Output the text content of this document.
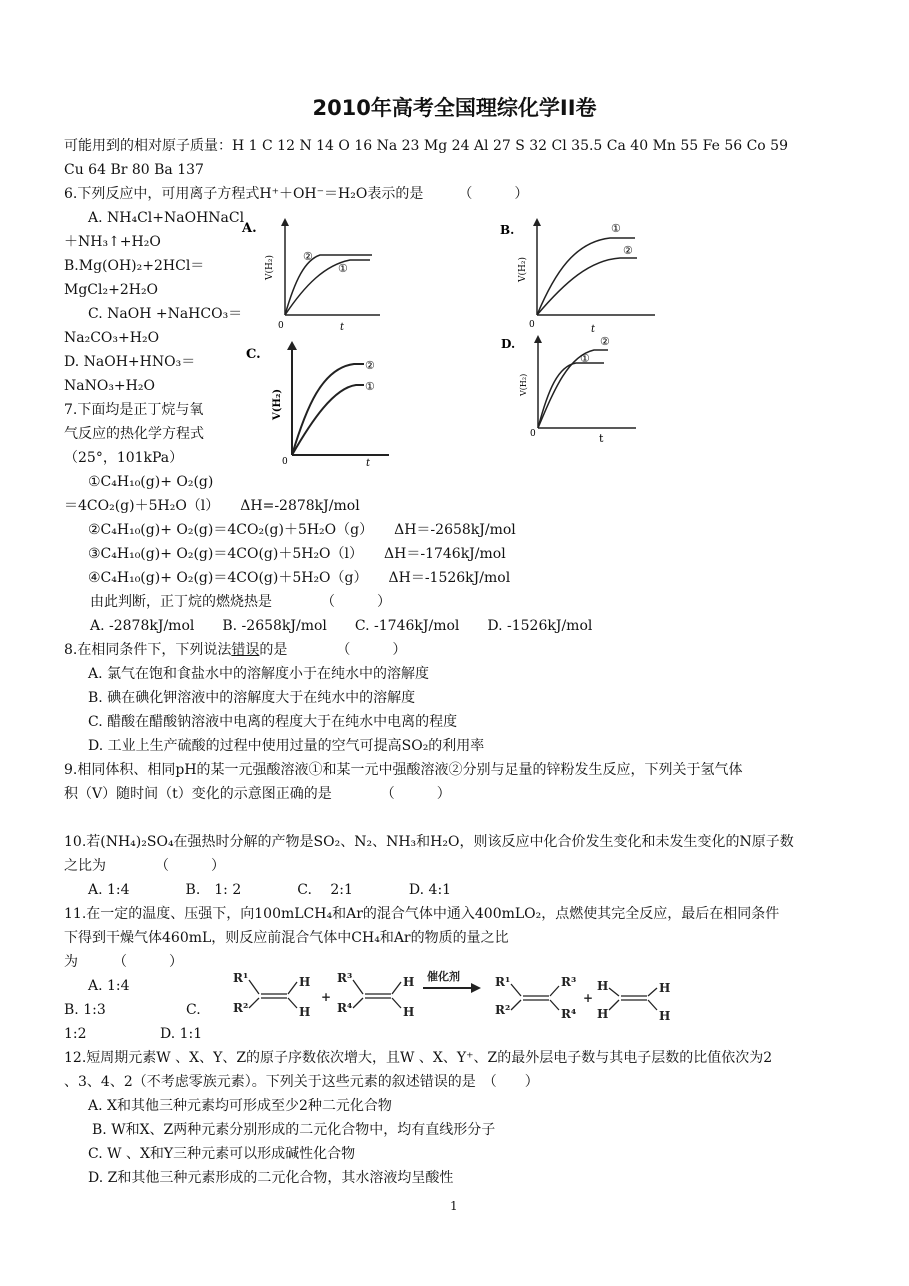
2010年高考全国理综化学II卷
可能用到的相对原子质量：H 1 C 12 N 14 O 16 Na 23 Mg 24 Al 27 S 32 Cl 35.5 Ca 40 Mn 55 Fe 56 Co 59
Cu 64 Br 80 Ba 137
6.下列反应中，可用离子方程式H⁺＋OH⁻＝H₂O表示的是　　　（　　　）
A. NH₄Cl+NaOHNaCl
＋NH₃↑+H₂O
B.Mg(OH)₂+2HCl＝
MgCl₂+2H₂O
C. NaOH +NaHCO₃＝
Na₂CO₃+H₂O
D. NaOH+HNO₃＝
NaNO₃+H₂O
7.下面均是正丁烷与氧
气反应的热化学方程式
（25°，101kPa）
①C₄H₁₀(g)+ O₂(g)
＝4CO₂(g)＋5H₂O（l）　　ΔH=-2878kJ/mol
②C₄H₁₀(g)+ O₂(g)＝4CO₂(g)＋5H₂O（g）　　ΔH＝-2658kJ/mol
③C₄H₁₀(g)+ O₂(g)＝4CO(g)＋5H₂O（l）　　ΔH＝-1746kJ/mol
④C₄H₁₀(g)+ O₂(g)＝4CO(g)＋5H₂O（g）　　ΔH＝-1526kJ/mol
由此判断，正丁烷的燃烧热是　　　　（　　　）
A. -2878kJ/mol　　B. -2658kJ/mol　　C. -1746kJ/mol　　D. -1526kJ/mol
8.在相同条件下，下列说法错误的是　　　　（　　　）
A. 氯气在饱和食盐水中的溶解度小于在纯水中的溶解度
B. 碘在碘化钾溶液中的溶解度大于在纯水中的溶解度
C. 醋酸在醋酸钠溶液中电离的程度大于在纯水中电离的程度
D. 工业上生产硫酸的过程中使用过量的空气可提高SO₂的利用率
9.相同体积、相同pH的某一元强酸溶液①和某一元中强酸溶液②分别与足量的锌粉发生反应，下列关于氢气体
积（V）随时间（t）变化的示意图正确的是　　　　（　　　）
10.若(NH₄)₂SO₄在强热时分解的产物是SO₂、N₂、NH₃和H₂O，则该反应中化合价发生变化和未发生变化的N原子数
之比为　　　　（　　　）
A. 1:4　　　　B.　1: 2　　　　C.　 2:1　　　　D. 4:1
11.在一定的温度、压强下，向100mLCH₄和Ar的混合气体中通入400mLO₂，点燃使其完全反应，最后在相同条件
下得到干燥气体460mL，则反应前混合气体中CH₄和Ar的物质的量之比
为　　　（　　　）
A. 1:4
B. 1:3	C.
1:2	D. 1:1
12.短周期元素W 、X、Y、Z的原子序数依次增大，且W 、X、Y⁺、Z的最外层电子数与其电子层数的比值依次为2
、3、4、2（不考虑零族元素）。下列关于这些元素的叙述错误的是　（　　）
A. X和其他三种元素均可形成至少2种二元化合物
B. W和X、Z两种元素分别形成的二元化合物中，均有直线形分子
C. W 、X和Y三种元素可以形成碱性化合物
D. Z和其他三种元素形成的二元化合物，其水溶液均呈酸性
1
A.
②
①
V(H₂)
0	t
B.	①
②
V(H₂)
0	t
C.
②
①
V(H₂)
0	t
D.	②
①
V(H₂)
0	t
R¹
R²
H
H
+
R³
R⁴
H
H
催化剂	R¹
R²
R³
R⁴
+
H
H
H
H
